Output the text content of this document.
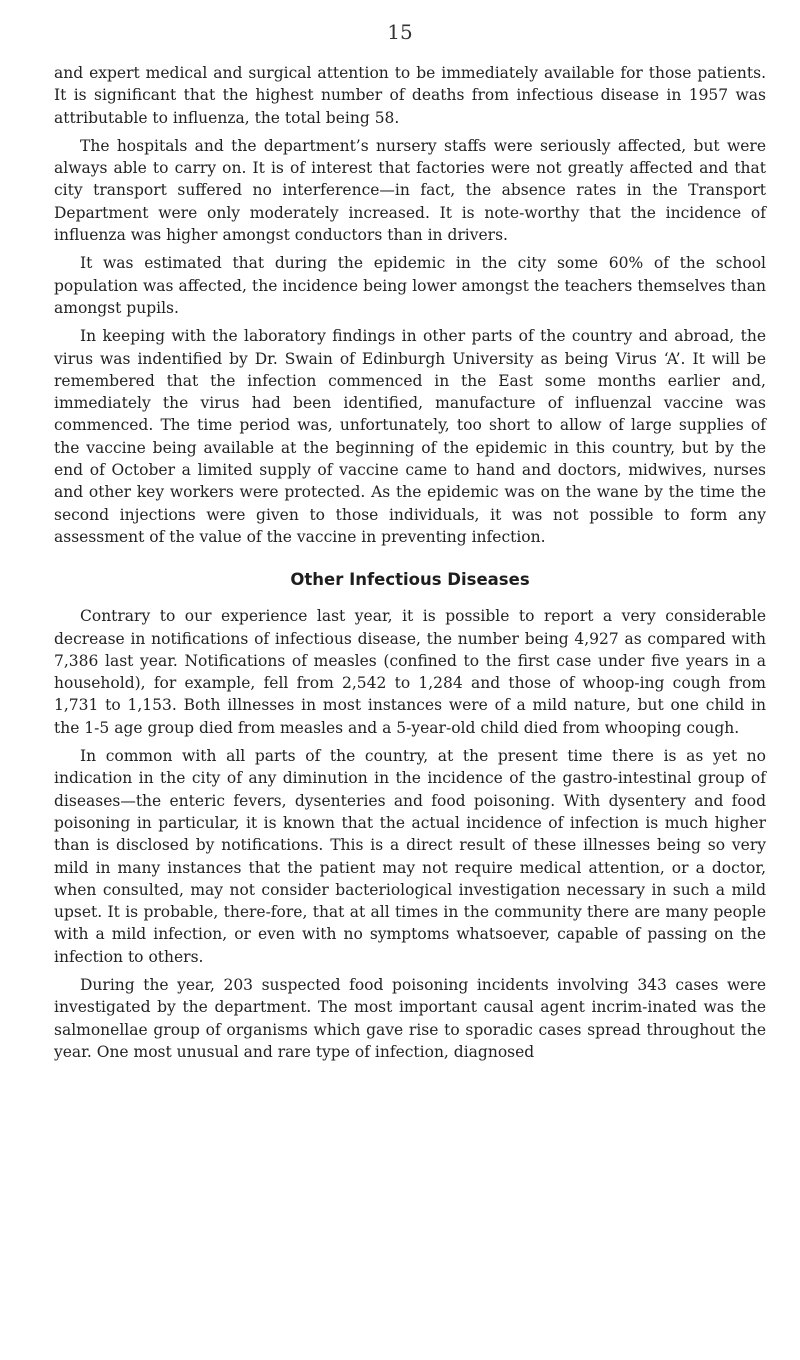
15

and expert medical and surgical attention to be immediately available for those patients. It is significant that the highest number of deaths from infectious disease in 1957 was attributable to influenza, the total being 58.

The hospitals and the department’s nursery staffs were seriously affected, but were always able to carry on. It is of interest that factories were not greatly affected and that city transport suffered no interference—in fact, the absence rates in the Transport Department were only moderately increased. It is note-worthy that the incidence of influenza was higher amongst conductors than in drivers.

It was estimated that during the epidemic in the city some 60% of the school population was affected, the incidence being lower amongst the teachers themselves than amongst pupils.

In keeping with the laboratory findings in other parts of the country and abroad, the virus was indentified by Dr. Swain of Edinburgh University as being Virus ‘A’. It will be remembered that the infection commenced in the East some months earlier and, immediately the virus had been identified, manufacture of influenzal vaccine was commenced. The time period was, unfortunately, too short to allow of large supplies of the vaccine being available at the beginning of the epidemic in this country, but by the end of October a limited supply of vaccine came to hand and doctors, midwives, nurses and other key workers were protected. As the epidemic was on the wane by the time the second injections were given to those individuals, it was not possible to form any assessment of the value of the vaccine in preventing infection.

Other Infectious Diseases

Contrary to our experience last year, it is possible to report a very considerable decrease in notifications of infectious disease, the number being 4,927 as compared with 7,386 last year. Notifications of measles (confined to the first case under five years in a household), for example, fell from 2,542 to 1,284 and those of whoop-ing cough from 1,731 to 1,153. Both illnesses in most instances were of a mild nature, but one child in the 1-5 age group died from measles and a 5-year-old child died from whooping cough.

In common with all parts of the country, at the present time there is as yet no indication in the city of any diminution in the incidence of the gastro-intestinal group of diseases—the enteric fevers, dysenteries and food poisoning. With dysentery and food poisoning in particular, it is known that the actual incidence of infection is much higher than is disclosed by notifications. This is a direct result of these illnesses being so very mild in many instances that the patient may not require medical attention, or a doctor, when consulted, may not consider bacteriological investigation necessary in such a mild upset. It is probable, there-fore, that at all times in the community there are many people with a mild infection, or even with no symptoms whatsoever, capable of passing on the infection to others.

During the year, 203 suspected food poisoning incidents involving 343 cases were investigated by the department. The most important causal agent incrim-inated was the salmonellae group of organisms which gave rise to sporadic cases spread throughout the year. One most unusual and rare type of infection, diagnosed
